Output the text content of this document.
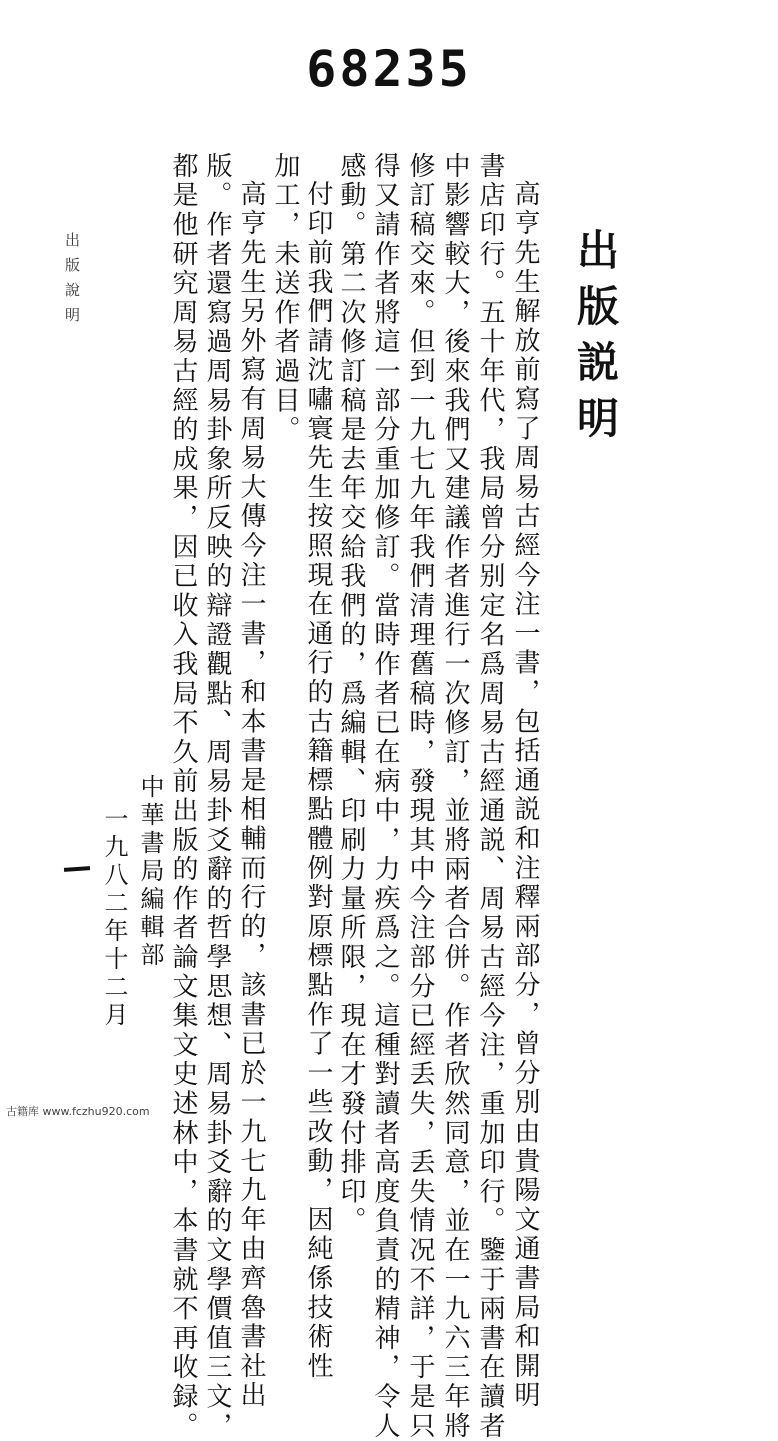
68235
出版説明
高亨先生解放前寫了周易古經今注一書，包括通説和注釋兩部分，曾分別由貴陽文通書局和開明
書店印行。五十年代，我局曾分别定名爲周易古經通説、周易古經今注，重加印行。鑒于兩書在讀者
中影響較大，後來我們又建議作者進行一次修訂，並將兩者合併。作者欣然同意，並在一九六三年將
修訂稿交來。但到一九七九年我們清理舊稿時，發現其中今注部分已經丢失，丢失情况不詳，于是只
得又請作者將這一部分重加修訂。當時作者已在病中，力疾爲之。這種對讀者高度負責的精神，令人
感動。第二次修訂稿是去年交給我們的，爲編輯、印刷力量所限，現在才發付排印。
付印前我們請沈嘯寰先生按照現在通行的古籍標點體例對原標點作了一些改動，因純係技術性
加工，未送作者過目。
高亨先生另外寫有周易大傳今注一書，和本書是相輔而行的，該書已於一九七九年由齊魯書社出
版。作者還寫過周易卦象所反映的辯證觀點、周易卦爻辭的哲學思想、周易卦爻辭的文學價值三文，
都是他研究周易古經的成果，因已收入我局不久前出版的作者論文集文史述林中，本書就不再收録。
出版說明
中華書局編輯部
一九八二年十二月
古籍库 www.fczhu920.com
